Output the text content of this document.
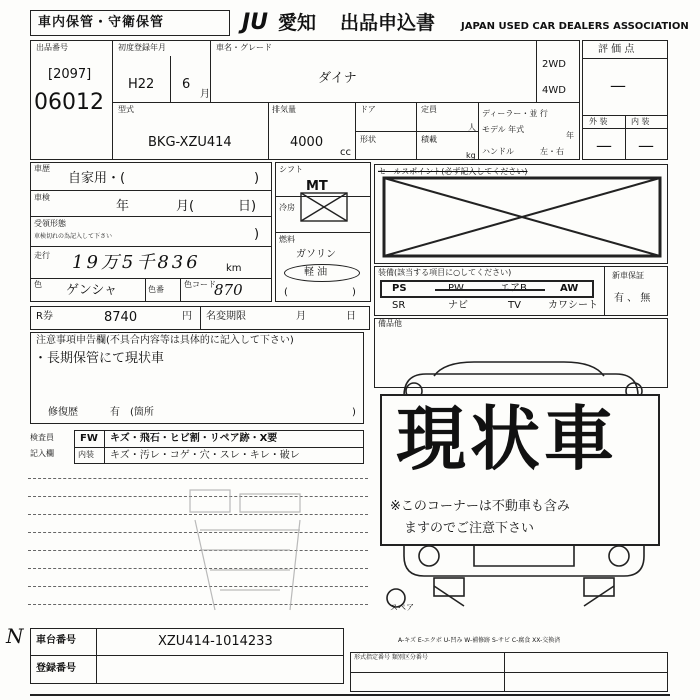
車内保管・守衛保管	JU 愛知 出品申込書	JAPAN USED CAR DEALERS ASSOCIATION
出品番号
[2097]
06012
初度登録年月
H22 6
月
車名・グレード
ダイナ
2WD
4WD
型式
BKG-XZU414
排気量
4000
cc
ドア	定員
人
形状	積載
kg
ディーラー・並 行
モデル 年式
年
ハンドル	左・右
評 価 点
—
外 装	内 装
— —
車歴
自家用・(	)
車検
年	月(	日)
受領形態
車検切れの為記入して下さい	)
走行 19万5千836	km
色 ゲンシャ	色番
色コード
870
シフト
MT
冷房
燃料
ガソリン
軽 油
(	)
セールスポイント(必ず記入してください)
装備(該当する項目に○してください)
PS	PW	エアB	AW
SR	ナビ	TV	カワシート
新車保証
有 、 無
R券	8740	円 名変期限	月	日
備品他
注意事項申告欄(不具合内容等は具体的に記入して下さい)
・長期保管にて現状車
修復歴	有 (箇所	)
検査員
記入欄
FW キズ・飛石・ヒビ割・リペア跡・X要
内装 キズ・汚レ・コゲ・穴・スレ・キレ・破レ
スペア
現状車
※このコーナーは不動車も含み
ますのでご注意下さい
A-キズ E-エクボ U-凹み W-補修跡 S-サビ C-腐食 XX-交換済
N 車台番号	XZU414-1014233
登録番号
形式指定番号 類別区分番号
